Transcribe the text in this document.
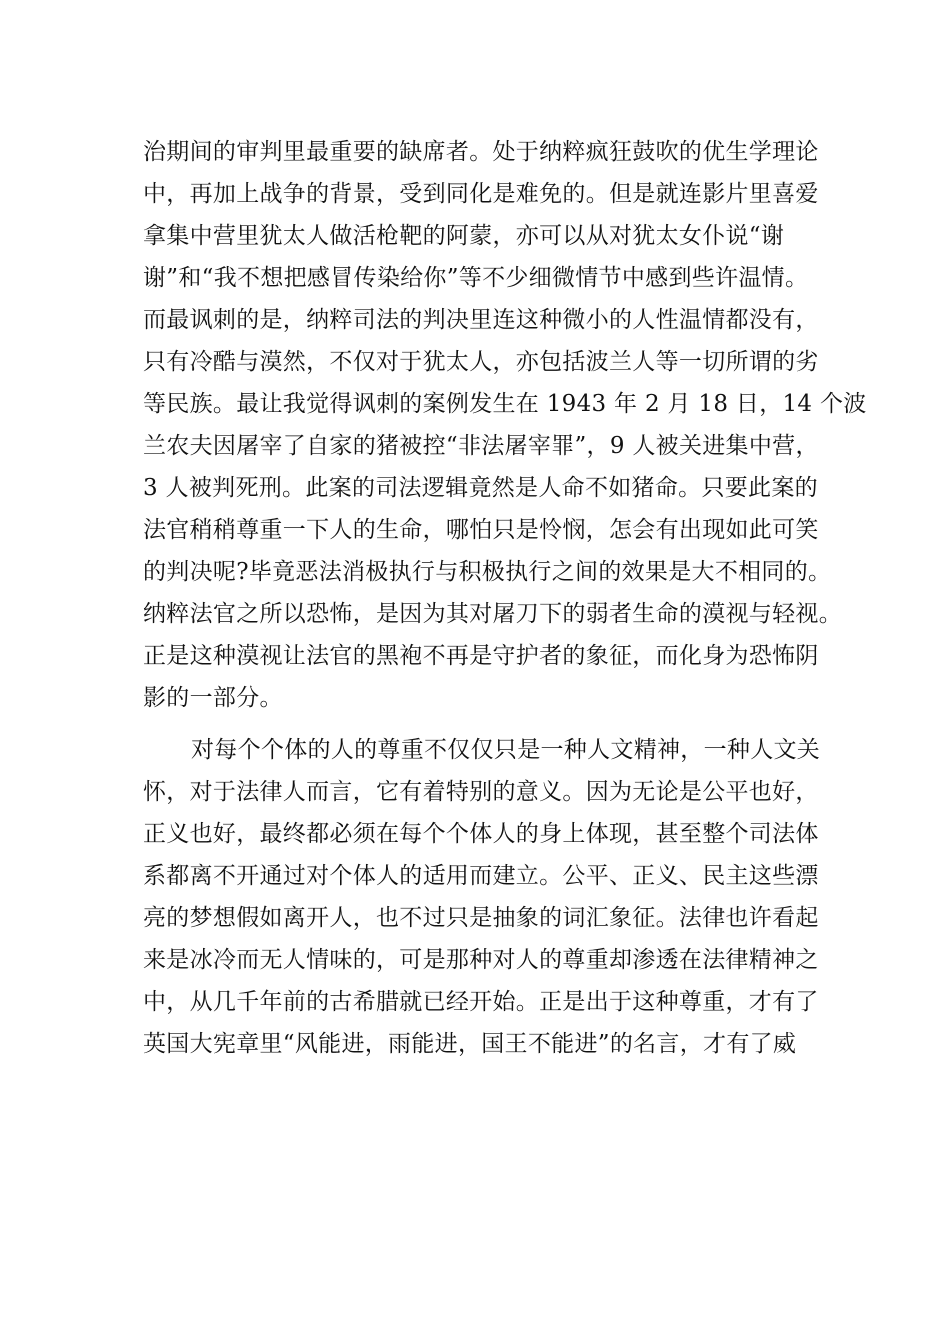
治期间的审判里最重要的缺席者。处于纳粹疯狂鼓吹的优生学理论
中，再加上战争的背景，受到同化是难免的。但是就连影片里喜爱
拿集中营里犹太人做活枪靶的阿蒙，亦可以从对犹太女仆说“谢
谢”和“我不想把感冒传染给你”等不少细微情节中感到些许温情。
而最讽刺的是，纳粹司法的判决里连这种微小的人性温情都没有，
只有冷酷与漠然，不仅对于犹太人，亦包括波兰人等一切所谓的劣
等民族。最让我觉得讽刺的案例发生在 1943 年 2 月 18 日，14 个波
兰农夫因屠宰了自家的猪被控“非法屠宰罪”，9 人被关进集中营，
3 人被判死刑。此案的司法逻辑竟然是人命不如猪命。只要此案的
法官稍稍尊重一下人的生命，哪怕只是怜悯，怎会有出现如此可笑
的判决呢?毕竟恶法消极执行与积极执行之间的效果是大不相同的。
纳粹法官之所以恐怖，是因为其对屠刀下的弱者生命的漠视与轻视。
正是这种漠视让法官的黑袍不再是守护者的象征，而化身为恐怖阴
影的一部分。
对每个个体的人的尊重不仅仅只是一种人文精神，一种人文关
怀，对于法律人而言，它有着特别的意义。因为无论是公平也好，
正义也好，最终都必须在每个个体人的身上体现，甚至整个司法体
系都离不开通过对个体人的适用而建立。公平、正义、民主这些漂
亮的梦想假如离开人，也不过只是抽象的词汇象征。法律也许看起
来是冰冷而无人情味的，可是那种对人的尊重却渗透在法律精神之
中，从几千年前的古希腊就已经开始。正是出于这种尊重，才有了
英国大宪章里“风能进，雨能进，国王不能进”的名言，才有了威
